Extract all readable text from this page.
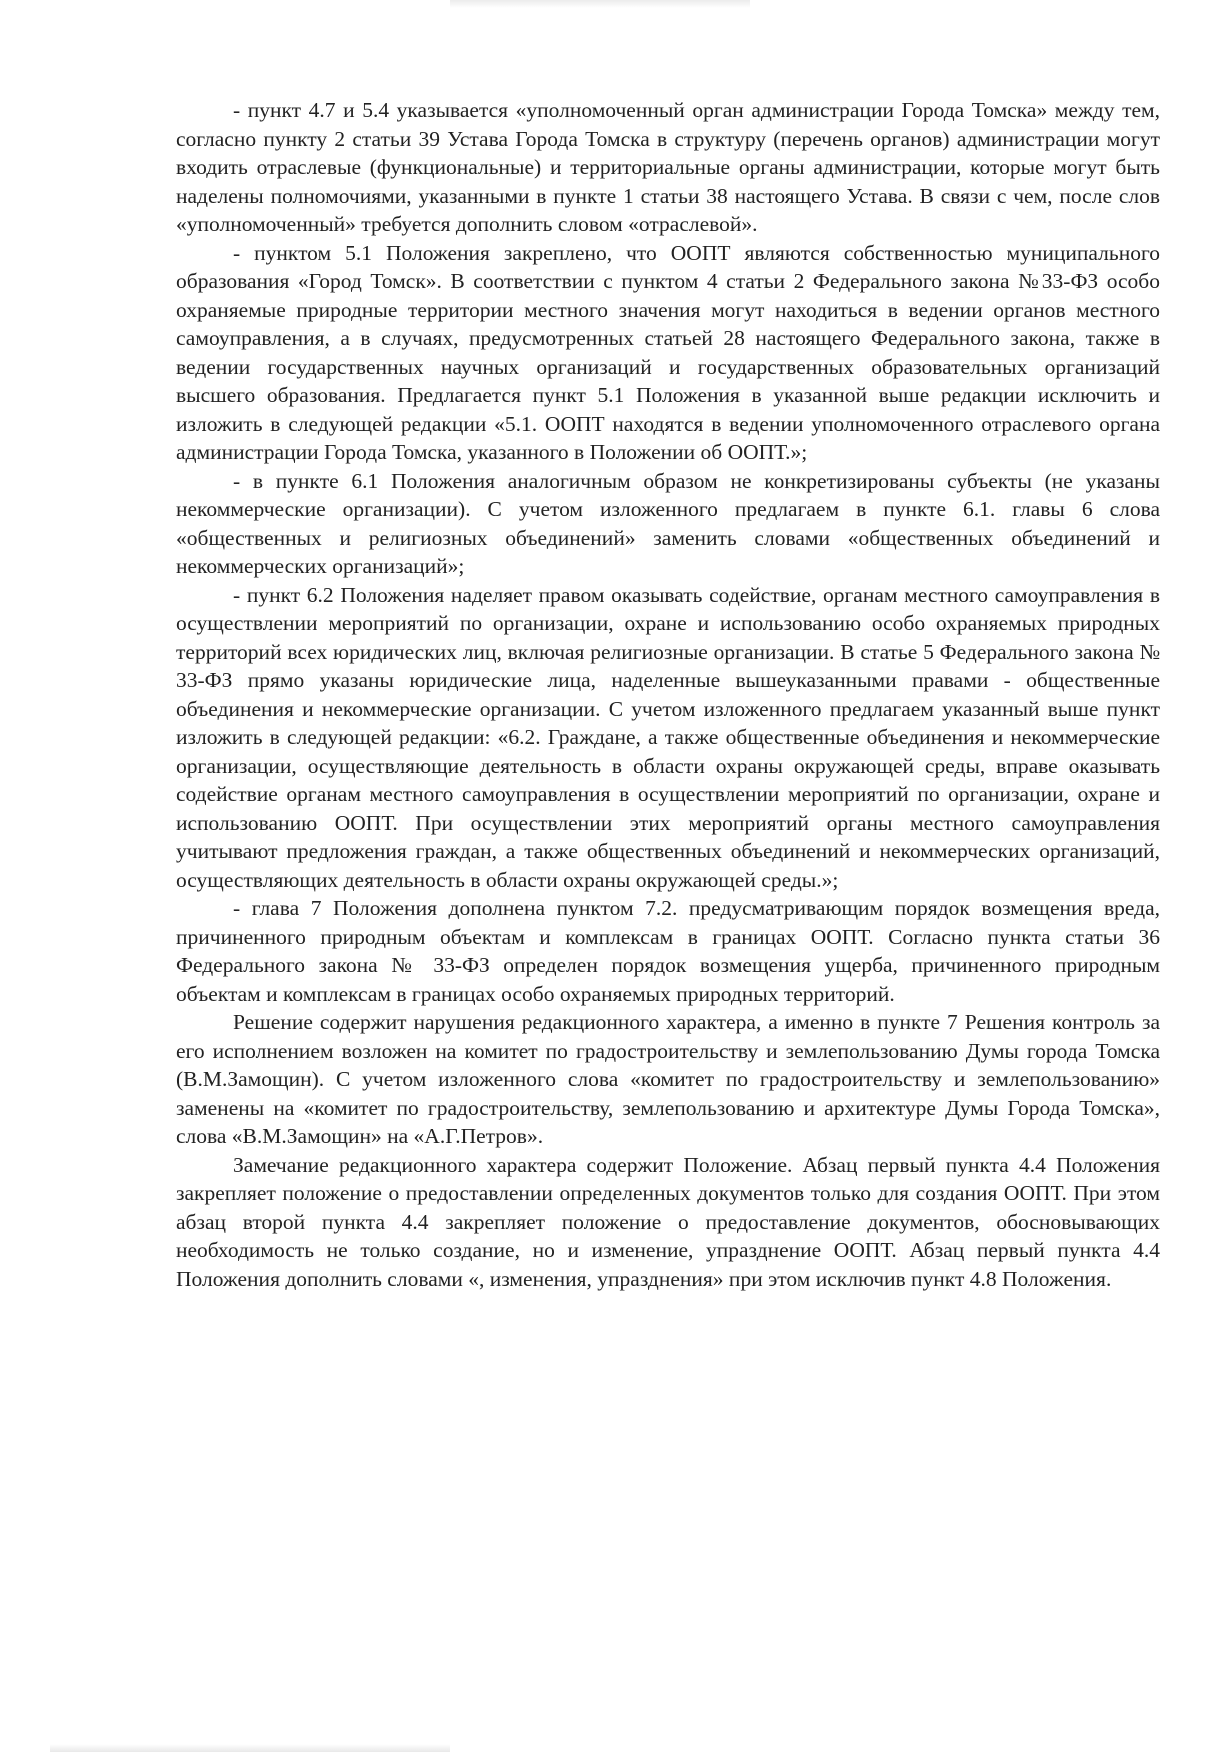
- пункт 4.7 и 5.4 указывается «уполномоченный орган администрации Города Томска» между тем, согласно пункту 2 статьи 39 Устава Города Томска в структуру (перечень органов) администрации могут входить отраслевые (функциональные) и территориальные органы администрации, которые могут быть наделены полномочиями, указанными в пункте 1 статьи 38 настоящего Устава. В связи с чем, после слов «уполномоченный» требуется дополнить словом «отраслевой».

- пунктом 5.1 Положения закреплено, что ООПТ являются собственностью муниципального образования «Город Томск». В соответствии с пунктом 4 статьи 2 Федерального закона №33-ФЗ особо охраняемые природные территории местного значения могут находиться в ведении органов местного самоуправления, а в случаях, предусмотренных статьей 28 настоящего Федерального закона, также в ведении государственных научных организаций и государственных образовательных организаций высшего образования. Предлагается пункт 5.1 Положения в указанной выше редакции исключить и изложить в следующей редакции «5.1. ООПТ находятся в ведении уполномоченного отраслевого органа администрации Города Томска, указанного в Положении об ООПТ.»;

- в пункте 6.1 Положения аналогичным образом не конкретизированы субъекты (не указаны некоммерческие организации). С учетом изложенного предлагаем в пункте 6.1. главы 6 слова «общественных и религиозных объединений» заменить словами «общественных объединений и некоммерческих организаций»;

- пункт 6.2 Положения наделяет правом оказывать содействие, органам местного самоуправления в осуществлении мероприятий по организации, охране и использованию особо охраняемых природных территорий всех юридических лиц, включая религиозные организации. В статье 5 Федерального закона № 33-ФЗ прямо указаны юридические лица, наделенные вышеуказанными правами - общественные объединения и некоммерческие организации. С учетом изложенного предлагаем указанный выше пункт изложить в следующей редакции: «6.2. Граждане, а также общественные объединения и некоммерческие организации, осуществляющие деятельность в области охраны окружающей среды, вправе оказывать содействие органам местного самоуправления в осуществлении мероприятий по организации, охране и использованию ООПТ. При осуществлении этих мероприятий органы местного самоуправления учитывают предложения граждан, а также общественных объединений и некоммерческих организаций, осуществляющих деятельность в области охраны окружающей среды.»;

- глава 7 Положения дополнена пунктом 7.2. предусматривающим порядок возмещения вреда, причиненного природным объектам и комплексам в границах ООПТ. Согласно пункта статьи 36 Федерального закона № 33-ФЗ определен порядок возмещения ущерба, причиненного природным объектам и комплексам в границах особо охраняемых природных территорий.

Решение содержит нарушения редакционного характера, а именно в пункте 7 Решения контроль за его исполнением возложен на комитет по градостроительству и землепользованию Думы города Томска (В.М.Замощин). С учетом изложенного слова «комитет по градостроительству и землепользованию» заменены на «комитет по градостроительству, землепользованию и архитектуре Думы Города Томска», слова «В.М.Замощин» на «А.Г.Петров».

Замечание редакционного характера содержит Положение. Абзац первый пункта 4.4 Положения закрепляет положение о предоставлении определенных документов только для создания ООПТ. При этом абзац второй пункта 4.4 закрепляет положение о предоставление документов, обосновывающих необходимость не только создание, но и изменение, упразднение ООПТ. Абзац первый пункта 4.4 Положения дополнить словами «, изменения, упразднения» при этом исключив пункт 4.8 Положения.
